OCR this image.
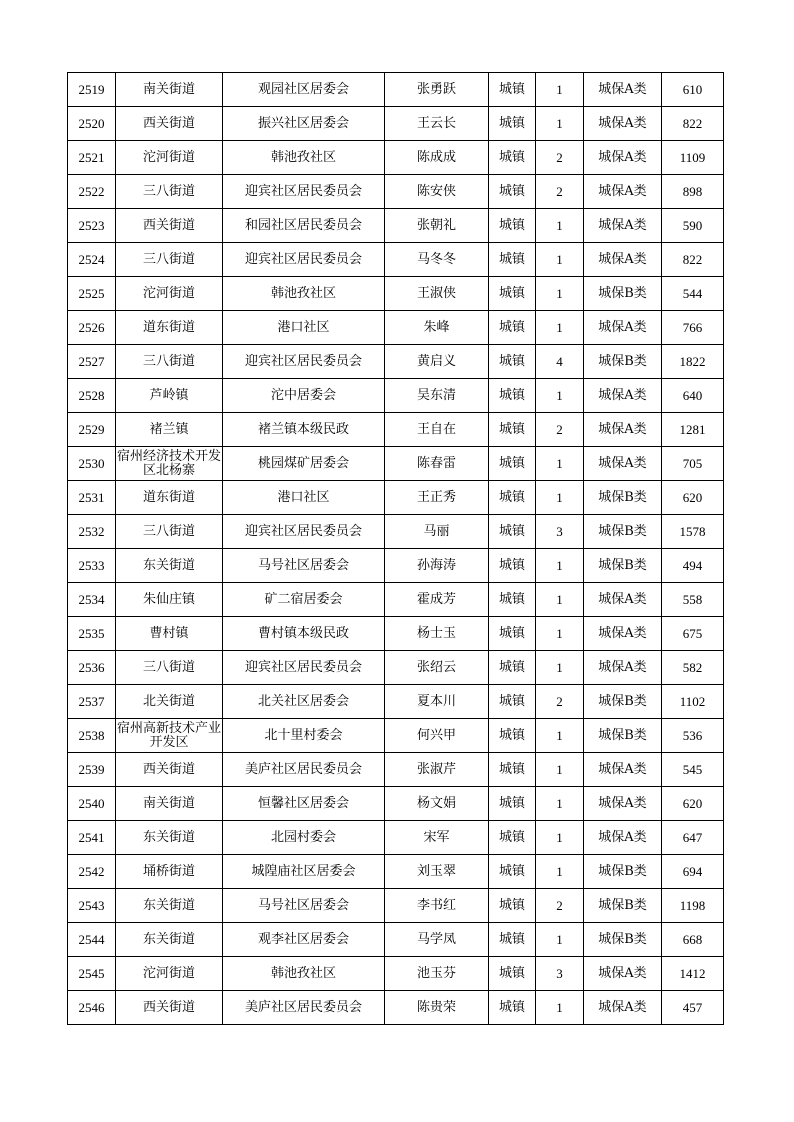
2519	南关街道	观园社区居委会	张勇跃	城镇	1	城保A类	610
2520	西关街道	振兴社区居委会	王云长	城镇	1	城保A类	822
2521	沱河街道	韩池孜社区	陈成成	城镇	2	城保A类	1109
2522	三八街道	迎宾社区居民委员会	陈安侠	城镇	2	城保A类	898
2523	西关街道	和园社区居民委员会	张朝礼	城镇	1	城保A类	590
2524	三八街道	迎宾社区居民委员会	马冬冬	城镇	1	城保A类	822
2525	沱河街道	韩池孜社区	王淑侠	城镇	1	城保B类	544
2526	道东街道	港口社区	朱峰	城镇	1	城保A类	766
2527	三八街道	迎宾社区居民委员会	黄启义	城镇	4	城保B类	1822
2528	芦岭镇	沱中居委会	吴东清	城镇	1	城保A类	640
2529	褚兰镇	褚兰镇本级民政	王自在	城镇	2	城保A类	1281
2530	宿州经济技术开发区北杨寨	桃园煤矿居委会	陈春雷	城镇	1	城保A类	705
2531	道东街道	港口社区	王正秀	城镇	1	城保B类	620
2532	三八街道	迎宾社区居民委员会	马丽	城镇	3	城保B类	1578
2533	东关街道	马号社区居委会	孙海涛	城镇	1	城保B类	494
2534	朱仙庄镇	矿二宿居委会	霍成芳	城镇	1	城保A类	558
2535	曹村镇	曹村镇本级民政	杨士玉	城镇	1	城保A类	675
2536	三八街道	迎宾社区居民委员会	张绍云	城镇	1	城保A类	582
2537	北关街道	北关社区居委会	夏本川	城镇	2	城保B类	1102
2538	宿州高新技术产业开发区	北十里村委会	何兴甲	城镇	1	城保B类	536
2539	西关街道	美庐社区居民委员会	张淑芹	城镇	1	城保A类	545
2540	南关街道	恒馨社区居委会	杨文娟	城镇	1	城保A类	620
2541	东关街道	北园村委会	宋军	城镇	1	城保A类	647
2542	埇桥街道	城隍庙社区居委会	刘玉翠	城镇	1	城保B类	694
2543	东关街道	马号社区居委会	李书红	城镇	2	城保B类	1198
2544	东关街道	观李社区居委会	马学凤	城镇	1	城保B类	668
2545	沱河街道	韩池孜社区	池玉芬	城镇	3	城保A类	1412
2546	西关街道	美庐社区居民委员会	陈贵荣	城镇	1	城保A类	457
